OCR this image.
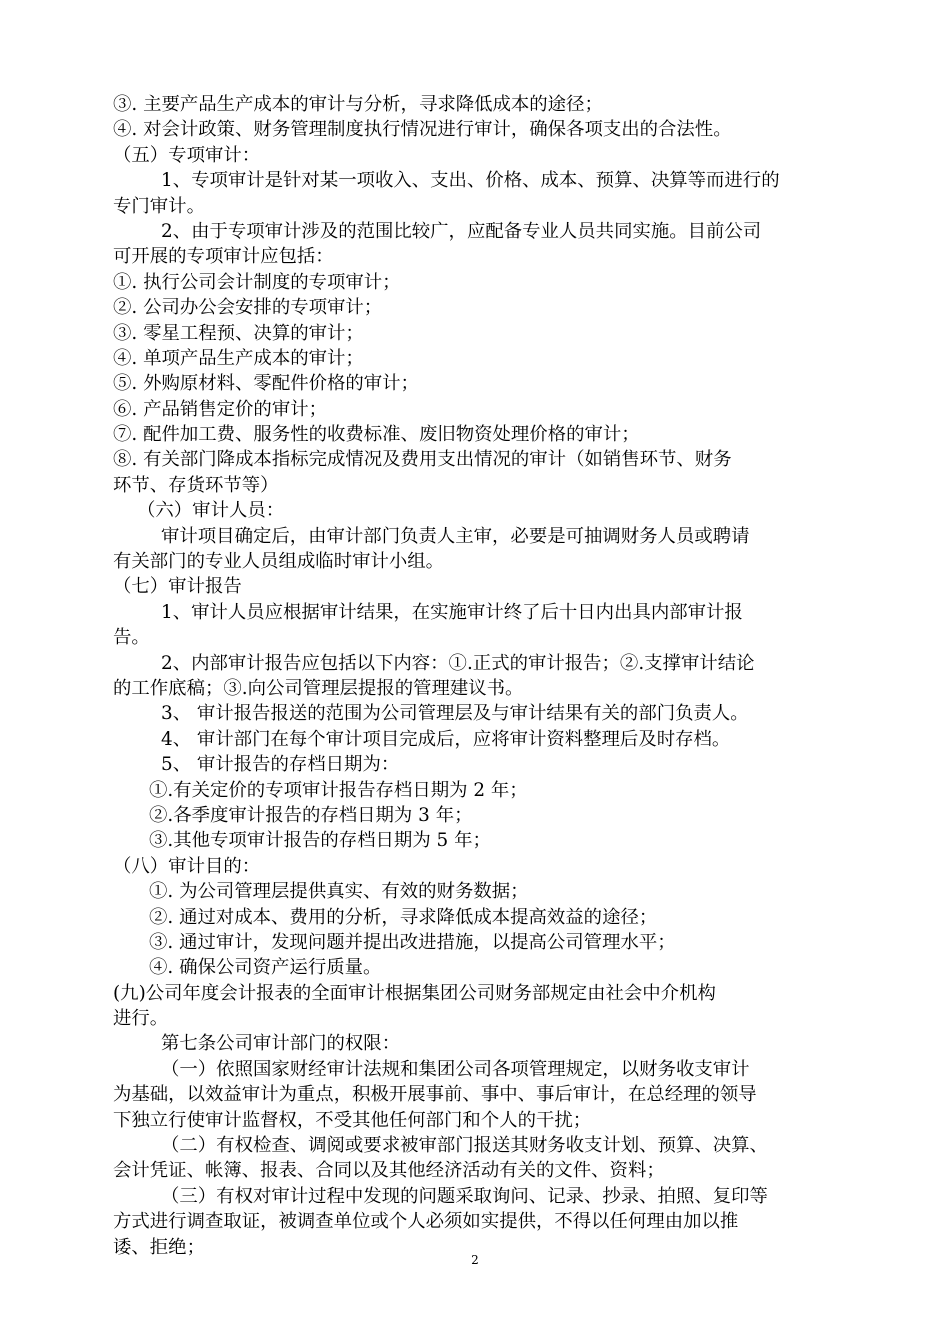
③. 主要产品生产成本的审计与分析，寻求降低成本的途径；
④. 对会计政策、财务管理制度执行情况进行审计，确保各项支出的合法性。
（五）专项审计：
1、专项审计是针对某一项收入、支出、价格、成本、预算、决算等而进行的
专门审计。
2、由于专项审计涉及的范围比较广，应配备专业人员共同实施。目前公司
可开展的专项审计应包括：
①. 执行公司会计制度的专项审计；
②. 公司办公会安排的专项审计；
③. 零星工程预、决算的审计；
④. 单项产品生产成本的审计；
⑤. 外购原材料、零配件价格的审计；
⑥. 产品销售定价的审计；
⑦. 配件加工费、服务性的收费标准、废旧物资处理价格的审计；
⑧. 有关部门降成本指标完成情况及费用支出情况的审计（如销售环节、财务
环节、存货环节等）
（六）审计人员：
审计项目确定后，由审计部门负责人主审，必要是可抽调财务人员或聘请
有关部门的专业人员组成临时审计小组。
（七）审计报告
1、审计人员应根据审计结果，在实施审计终了后十日内出具内部审计报
告。
2、内部审计报告应包括以下内容：①.正式的审计报告；②.支撑审计结论
的工作底稿；③.向公司管理层提报的管理建议书。
3、 审计报告报送的范围为公司管理层及与审计结果有关的部门负责人。
4、 审计部门在每个审计项目完成后，应将审计资料整理后及时存档。
5、 审计报告的存档日期为：
①.有关定价的专项审计报告存档日期为 2 年；
②.各季度审计报告的存档日期为 3 年；
③.其他专项审计报告的存档日期为 5 年；
（八）审计目的：
①. 为公司管理层提供真实、有效的财务数据；
②. 通过对成本、费用的分析，寻求降低成本提高效益的途径；
③. 通过审计，发现问题并提出改进措施，以提高公司管理水平；
④. 确保公司资产运行质量。
(九)公司年度会计报表的全面审计根据集团公司财务部规定由社会中介机构
进行。
第七条公司审计部门的权限：
（一）依照国家财经审计法规和集团公司各项管理规定，以财务收支审计
为基础，以效益审计为重点，积极开展事前、事中、事后审计，在总经理的领导
下独立行使审计监督权，不受其他任何部门和个人的干扰；
（二）有权检查、调阅或要求被审部门报送其财务收支计划、预算、决算、
会计凭证、帐簿、报表、合同以及其他经济活动有关的文件、资料；
（三）有权对审计过程中发现的问题采取询问、记录、抄录、拍照、复印等
方式进行调查取证，被调查单位或个人必须如实提供，不得以任何理由加以推
诿、拒绝；
2
